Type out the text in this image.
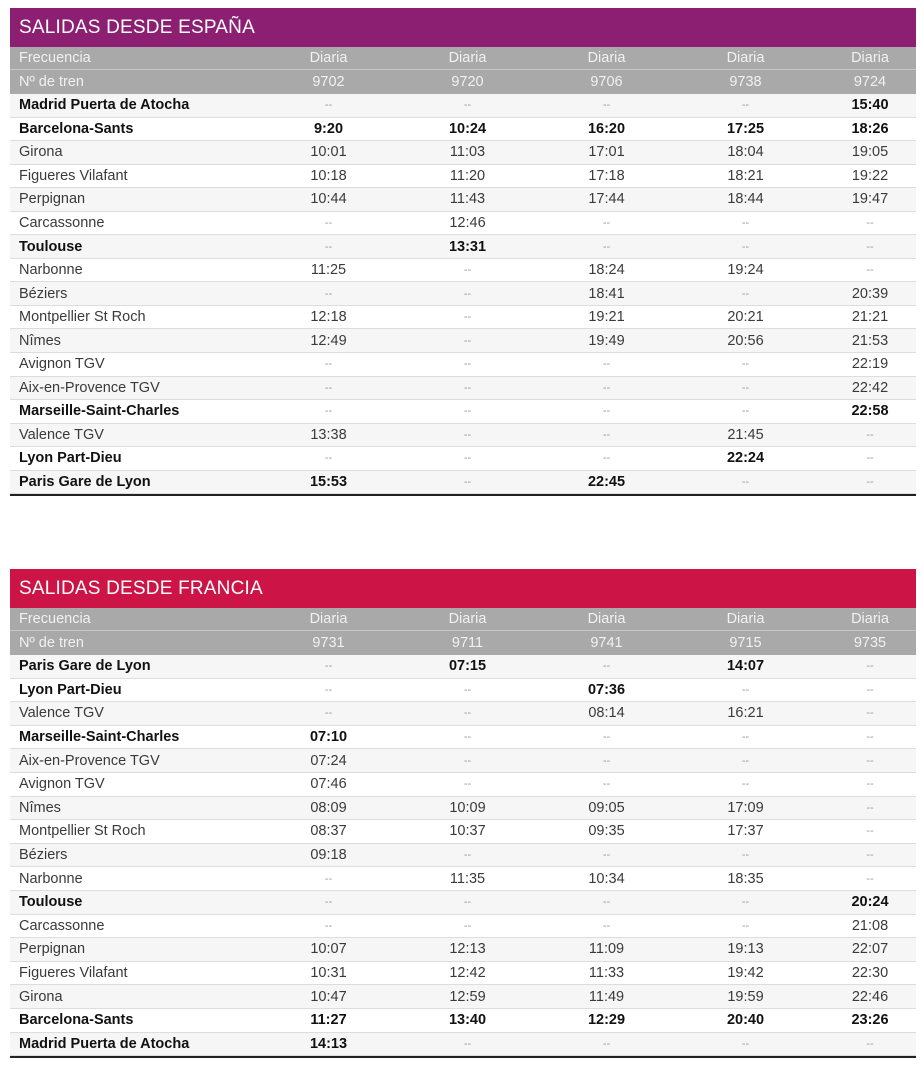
SALIDAS DESDE ESPAÑA
Frecuencia	Diaria	Diaria	Diaria	Diaria	Diaria
Nº de tren	9702	9720	9706	9738	9724
Madrid Puerta de Atocha	--	--	--	--	15:40
Barcelona-Sants	9:20	10:24	16:20	17:25	18:26
Girona	10:01	11:03	17:01	18:04	19:05
Figueres Vilafant	10:18	11:20	17:18	18:21	19:22
Perpignan	10:44	11:43	17:44	18:44	19:47
Carcassonne	--	12:46	--	--	--
Toulouse	--	13:31	--	--	--
Narbonne	11:25	--	18:24	19:24	--
Béziers	--	--	18:41	--	20:39
Montpellier St Roch	12:18	--	19:21	20:21	21:21
Nîmes	12:49	--	19:49	20:56	21:53
Avignon TGV	--	--	--	--	22:19
Aix-en-Provence TGV	--	--	--	--	22:42
Marseille-Saint-Charles	--	--	--	--	22:58
Valence TGV	13:38	--	--	21:45	--
Lyon Part-Dieu	--	--	--	22:24	--
Paris Gare de Lyon	15:53	--	22:45	--	--
SALIDAS DESDE FRANCIA
Frecuencia	Diaria	Diaria	Diaria	Diaria	Diaria
Nº de tren	9731	9711	9741	9715	9735
Paris Gare de Lyon	--	07:15	--	14:07	--
Lyon Part-Dieu	--	--	07:36	--	--
Valence TGV	--	--	08:14	16:21	--
Marseille-Saint-Charles	07:10	--	--	--	--
Aix-en-Provence TGV	07:24	--	--	--	--
Avignon TGV	07:46	--	--	--	--
Nîmes	08:09	10:09	09:05	17:09	--
Montpellier St Roch	08:37	10:37	09:35	17:37	--
Béziers	09:18	--	--	--	--
Narbonne	--	11:35	10:34	18:35	--
Toulouse	--	--	--	--	20:24
Carcassonne	--	--	--	--	21:08
Perpignan	10:07	12:13	11:09	19:13	22:07
Figueres Vilafant	10:31	12:42	11:33	19:42	22:30
Girona	10:47	12:59	11:49	19:59	22:46
Barcelona-Sants	11:27	13:40	12:29	20:40	23:26
Madrid Puerta de Atocha	14:13	--	--	--	--
